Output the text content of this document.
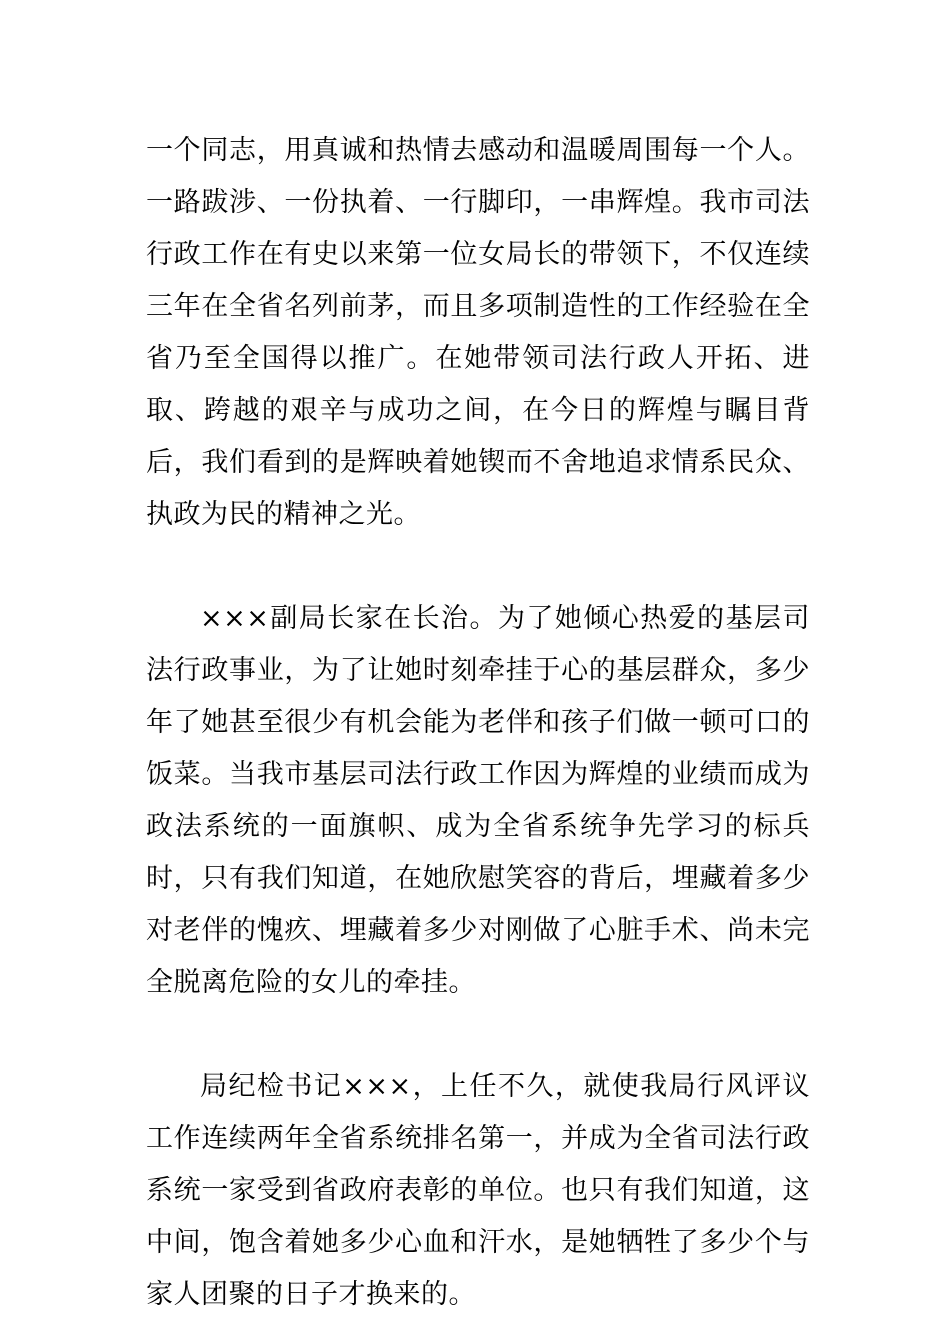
一个同志，用真诚和热情去感动和温暖周围每一个人。一路跋涉、一份执着、一行脚印，一串辉煌。我市司法行政工作在有史以来第一位女局长的带领下，不仅连续三年在全省名列前茅，而且多项制造性的工作经验在全省乃至全国得以推广。在她带领司法行政人开拓、进取、跨越的艰辛与成功之间，在今日的辉煌与瞩目背后，我们看到的是辉映着她锲而不舍地追求情系民众、执政为民的精神之光。

×××副局长家在长治。为了她倾心热爱的基层司法行政事业，为了让她时刻牵挂于心的基层群众，多少年了她甚至很少有机会能为老伴和孩子们做一顿可口的饭菜。当我市基层司法行政工作因为辉煌的业绩而成为政法系统的一面旗帜、成为全省系统争先学习的标兵时，只有我们知道，在她欣慰笑容的背后，埋藏着多少对老伴的愧疚、埋藏着多少对刚做了心脏手术、尚未完全脱离危险的女儿的牵挂。

局纪检书记×××，上任不久，就使我局行风评议工作连续两年全省系统排名第一，并成为全省司法行政系统一家受到省政府表彰的单位。也只有我们知道，这中间，饱含着她多少心血和汗水，是她牺牲了多少个与家人团聚的日子才换来的。
